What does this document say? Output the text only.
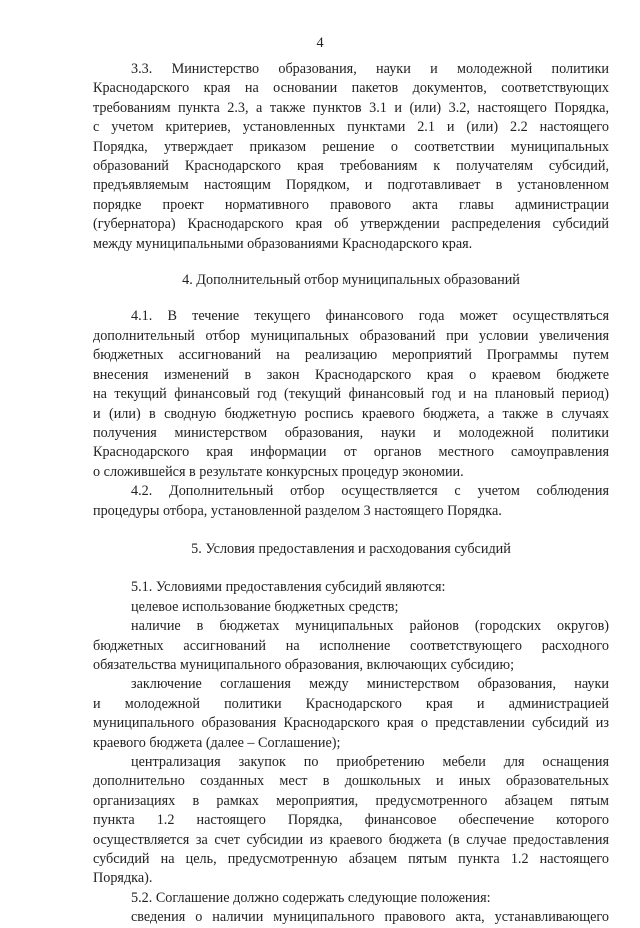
4

3.3. Министерство образования, науки и молодежной политики

Краснодарского края на основании пакетов документов, соответствующих

требованиям пункта 2.3, а также пунктов 3.1 и (или) 3.2, настоящего Порядка,

с учетом критериев, установленных пунктами 2.1 и (или) 2.2 настоящего

Порядка, утверждает приказом решение о соответствии муниципальных

образований Краснодарского края требованиям к получателям субсидий,

предъявляемым настоящим Порядком, и подготавливает в установленном

порядке проект нормативного правового акта главы администрации

(губернатора) Краснодарского края об утверждении распределения субсидий

между муниципальными образованиями Краснодарского края.

4. Дополнительный отбор муниципальных образований

4.1. В течение текущего финансового года может осуществляться

дополнительный отбор муниципальных образований при условии увеличения

бюджетных ассигнований на реализацию мероприятий Программы путем

внесения изменений в закон Краснодарского края о краевом бюджете

на текущий финансовый год (текущий финансовый год и на плановый период)

и (или) в сводную бюджетную роспись краевого бюджета, а также в случаях

получения министерством образования, науки и молодежной политики

Краснодарского края информации от органов местного самоуправления

о сложившейся в результате конкурсных процедур экономии.

4.2. Дополнительный отбор осуществляется с учетом соблюдения

процедуры отбора, установленной разделом 3 настоящего Порядка.

5. Условия предоставления и расходования субсидий

5.1. Условиями предоставления субсидий являются:

целевое использование бюджетных средств;

наличие в бюджетах муниципальных районов (городских округов)

бюджетных ассигнований на исполнение соответствующего расходного

обязательства муниципального образования, включающих субсидию;

заключение соглашения между министерством образования, науки

и молодежной политики Краснодарского края и администрацией

муниципального образования Краснодарского края о представлении субсидий из

краевого бюджета (далее – Соглашение);

централизация закупок по приобретению мебели для оснащения

дополнительно созданных мест в дошкольных и иных образовательных

организациях в рамках мероприятия, предусмотренного абзацем пятым

пункта 1.2 настоящего Порядка, финансовое обеспечение которого

осуществляется за счет субсидии из краевого бюджета (в случае предоставления

субсидий на цель, предусмотренную абзацем пятым пункта 1.2 настоящего

Порядка).

5.2. Соглашение должно содержать следующие положения:

сведения о наличии муниципального правового акта, устанавливающего
